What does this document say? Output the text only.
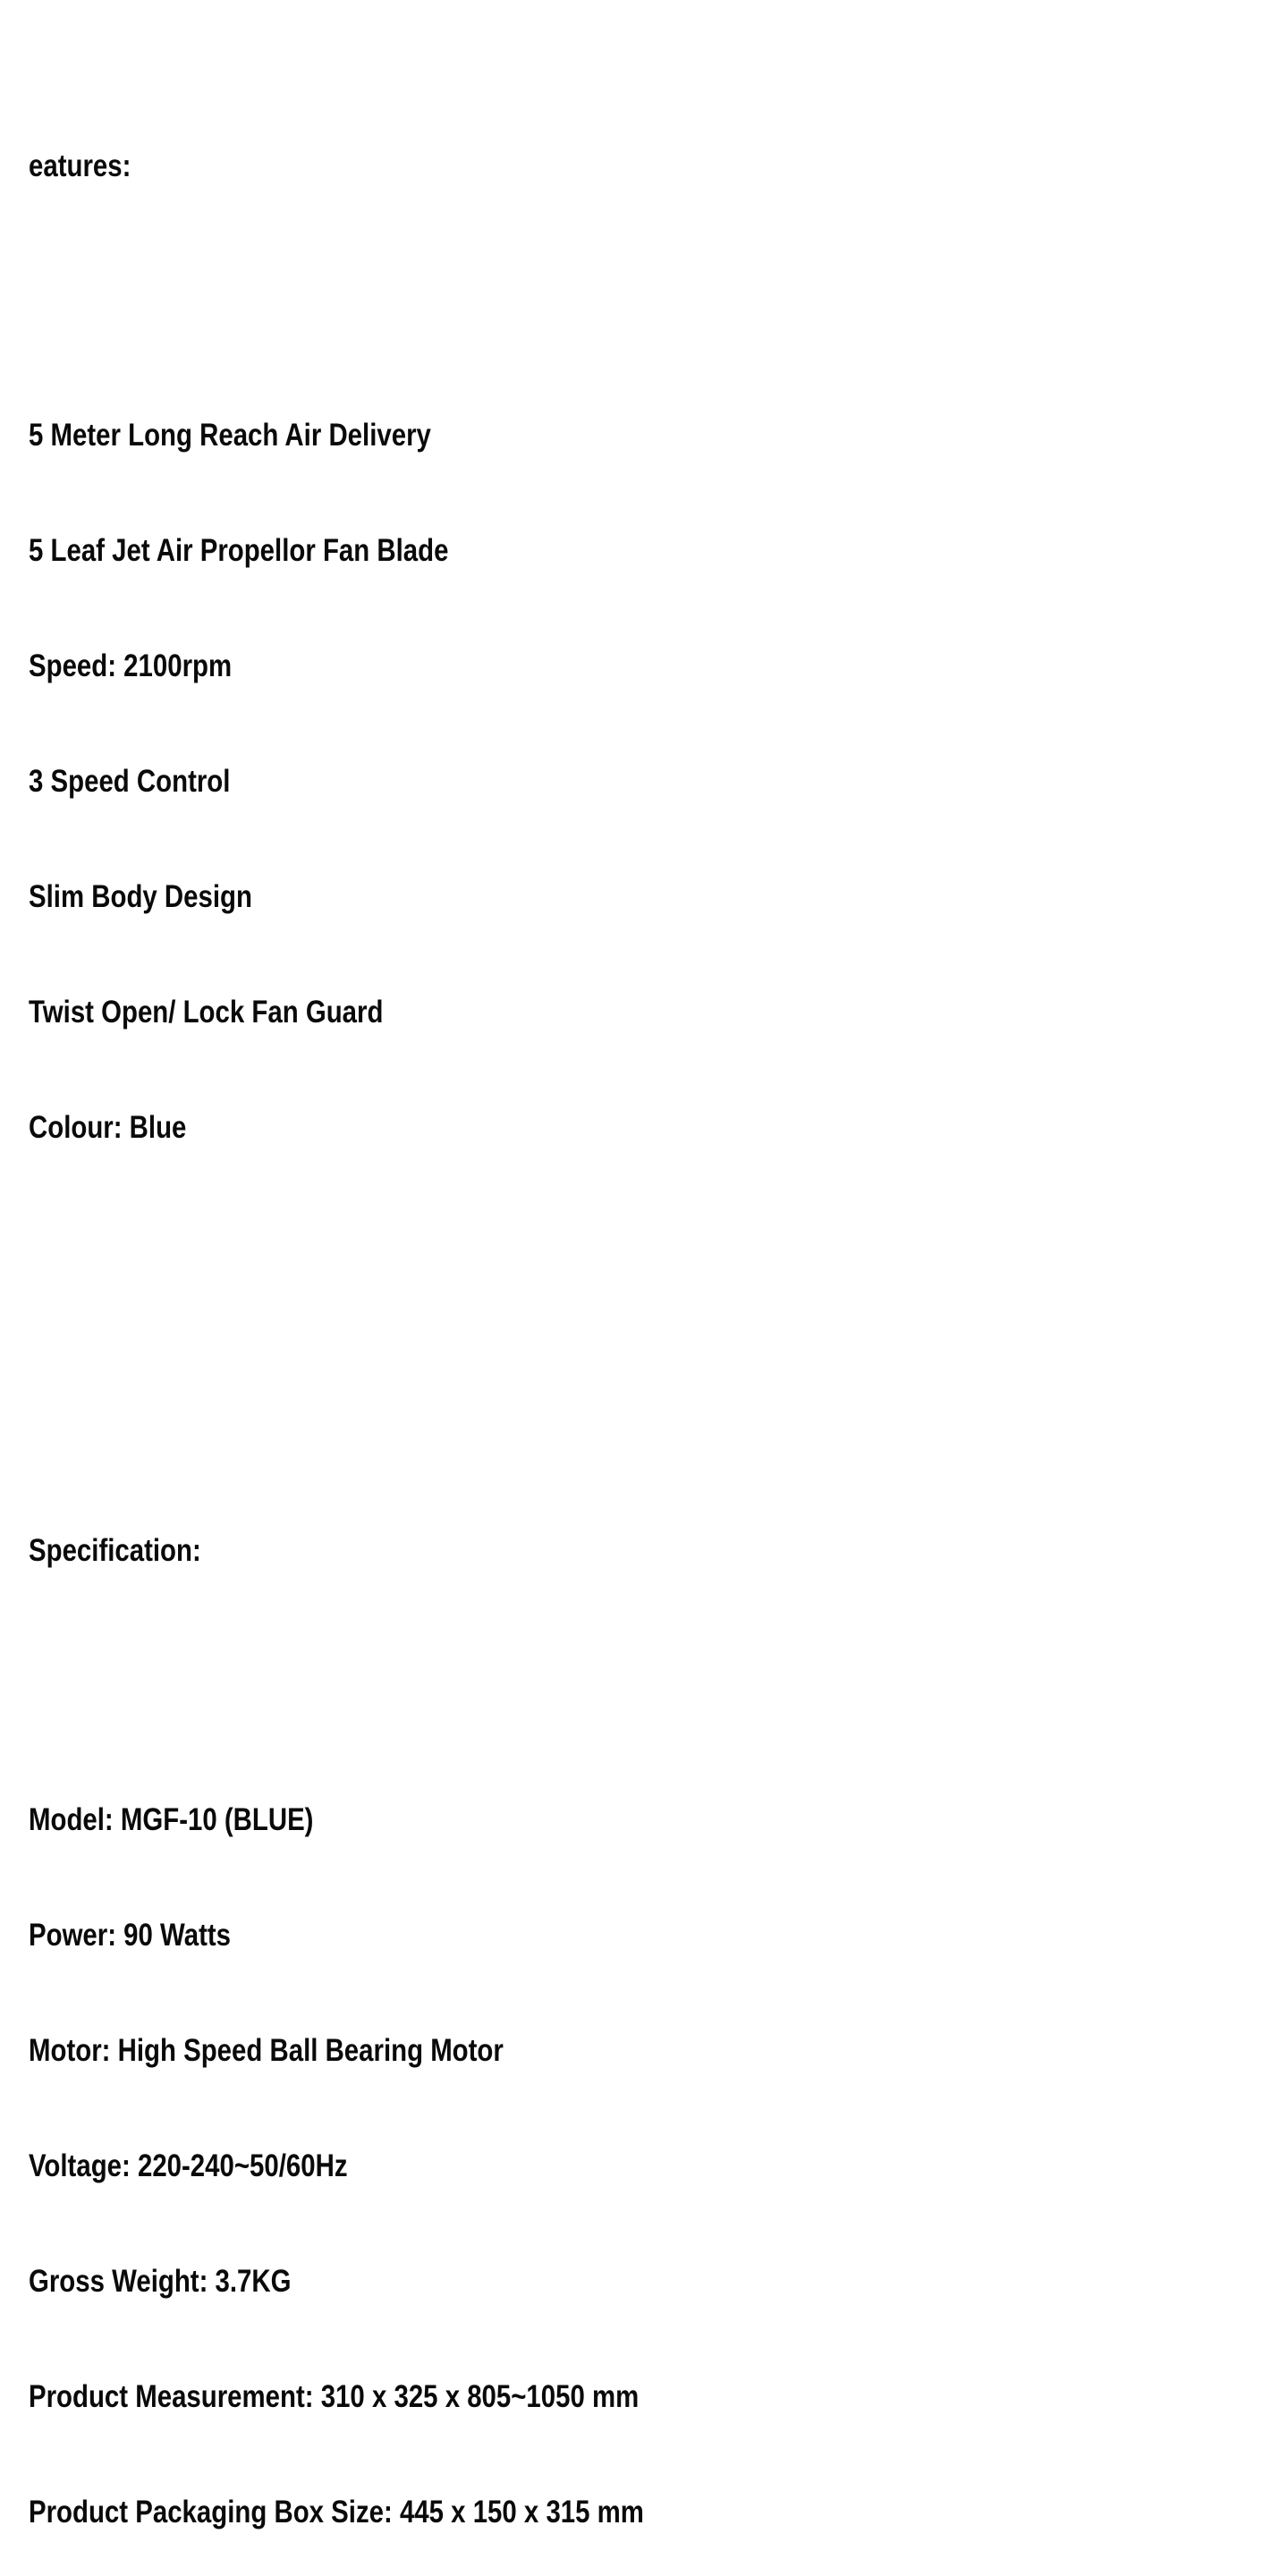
eatures:

5 Meter Long Reach Air Delivery

5 Leaf Jet Air Propellor Fan Blade

Speed: 2100rpm

3 Speed Control

Slim Body Design

Twist Open/ Lock Fan Guard

Colour: Blue

Specification:

Model: MGF-10 (BLUE)

Power: 90 Watts

Motor: High Speed Ball Bearing Motor

Voltage: 220-240~50/60Hz

Gross Weight: 3.7KG

Product Measurement: 310 x 325 x 805~1050 mm

Product Packaging Box Size: 445 x 150 x 315 mm
